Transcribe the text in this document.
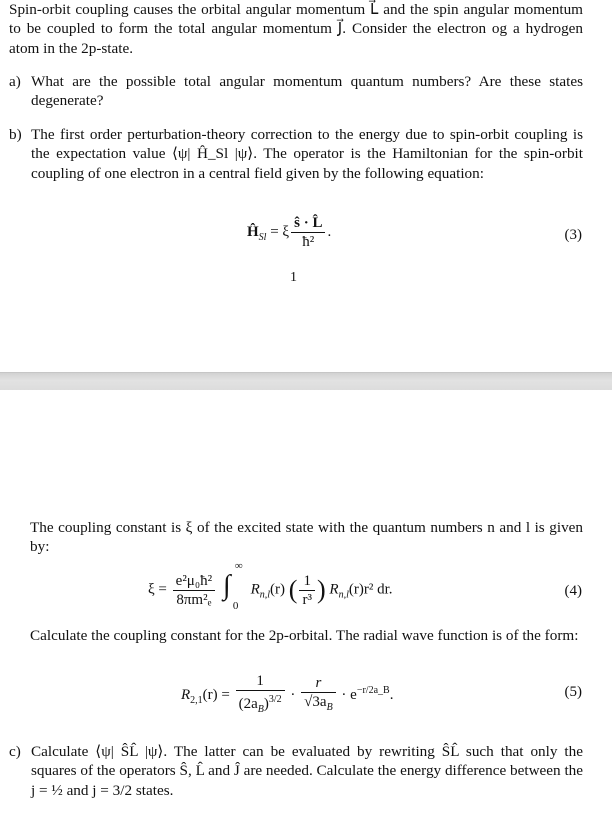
Spin-orbit coupling causes the orbital angular momentum L⃗ and the spin angular momentum to be coupled to form the total angular momentum J⃗. Consider the electron og a hydrogen atom in the 2p-state.

a) What are the possible total angular momentum quantum numbers? Are these states degenerate?
b) The first order perturbation-theory correction to the energy due to spin-orbit coupling is the expectation value ⟨ψ| Ĥ_Sl |ψ⟩. The operator is the Hamiltonian for the spin-orbit coupling of one electron in a central field given by the following equation:
$Ĥ_{Sl} = \xi \frac{ŝ \cdot L̂}{\text{ħ²}}$ .	(3)
1

The coupling constant is ξ of the excited state with the quantum numbers n and l is given by:

$\xi = \frac{\text{e²μ₀ħ²}}{\text{8πm²ₑ}}$
∫
∞
0
$R_{n,l}(r)$ ( $\frac{1}{\text{r³}}$ ) $R_{n,l}(r)r^2$ dr.	(4)

Calculate the coupling constant for the 2p-orbital. The radial wave function is of the form:

$R_{2,1}(r) = \frac{1}{(2a_B)^{3/2}} \cdot \frac{r}{√3a_B} \cdot e^{-r/2a\_B}$.	(5)
c) Calculate ⟨ψ| ŜL̂ |ψ⟩. The latter can be evaluated by rewriting ŜL̂ such that only the squares of the operators Ŝ, L̂ and Ĵ are needed. Calculate the energy difference between the j = ½ and j = 3/2 states.
